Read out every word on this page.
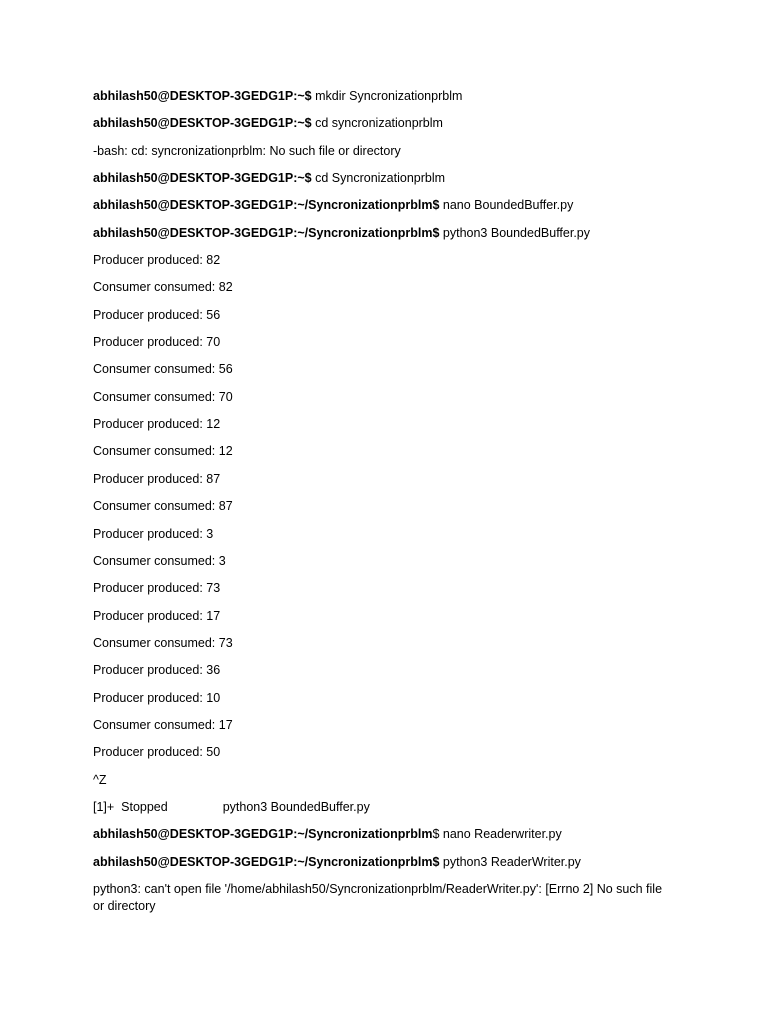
abhilash50@DESKTOP-3GEDG1P:~$ mkdir Syncronizationprblm
abhilash50@DESKTOP-3GEDG1P:~$ cd syncronizationprblm
-bash: cd: syncronizationprblm: No such file or directory
abhilash50@DESKTOP-3GEDG1P:~$ cd Syncronizationprblm
abhilash50@DESKTOP-3GEDG1P:~/Syncronizationprblm$ nano BoundedBuffer.py
abhilash50@DESKTOP-3GEDG1P:~/Syncronizationprblm$ python3 BoundedBuffer.py
Producer produced: 82
Consumer consumed: 82
Producer produced: 56
Producer produced: 70
Consumer consumed: 56
Consumer consumed: 70
Producer produced: 12
Consumer consumed: 12
Producer produced: 87
Consumer consumed: 87
Producer produced: 3
Consumer consumed: 3
Producer produced: 73
Producer produced: 17
Consumer consumed: 73
Producer produced: 36
Producer produced: 10
Consumer consumed: 17
Producer produced: 50
^Z
[1]+  Stopped	python3 BoundedBuffer.py
abhilash50@DESKTOP-3GEDG1P:~/Syncronizationprblm$ nano Readerwriter.py
abhilash50@DESKTOP-3GEDG1P:~/Syncronizationprblm$ python3 ReaderWriter.py
python3: can't open file '/home/abhilash50/Syncronizationprblm/ReaderWriter.py': [Errno 2] No such file or directory
